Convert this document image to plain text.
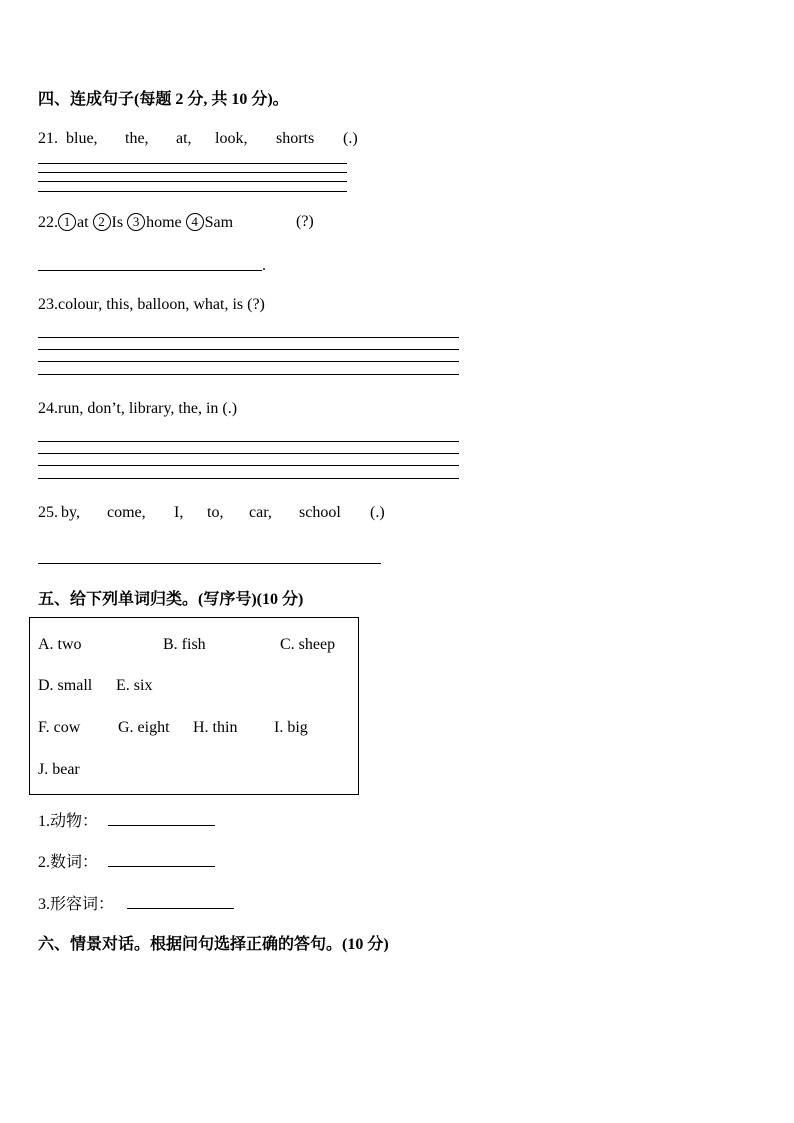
四、连成句子(每题 2 分, 共 10 分)。
21. blue, the, at, look, shorts (.)
22. 1 at 2 Is 3 home 4 Sam	(?)
.
23.colour, this, balloon, what, is (?)
24.run, don’t, library, the, in (.)
25. by, come, I, to, car, school (.)
五、给下列单词归类。(写序号)(10 分)
A. two	B. fish	C. sheep
D. small E. six
F. cow G. eight H. thin I. big
J. bear
1.动物：
2.数词：
3.形容词：
六、情景对话。根据问句选择正确的答句。(10 分)
